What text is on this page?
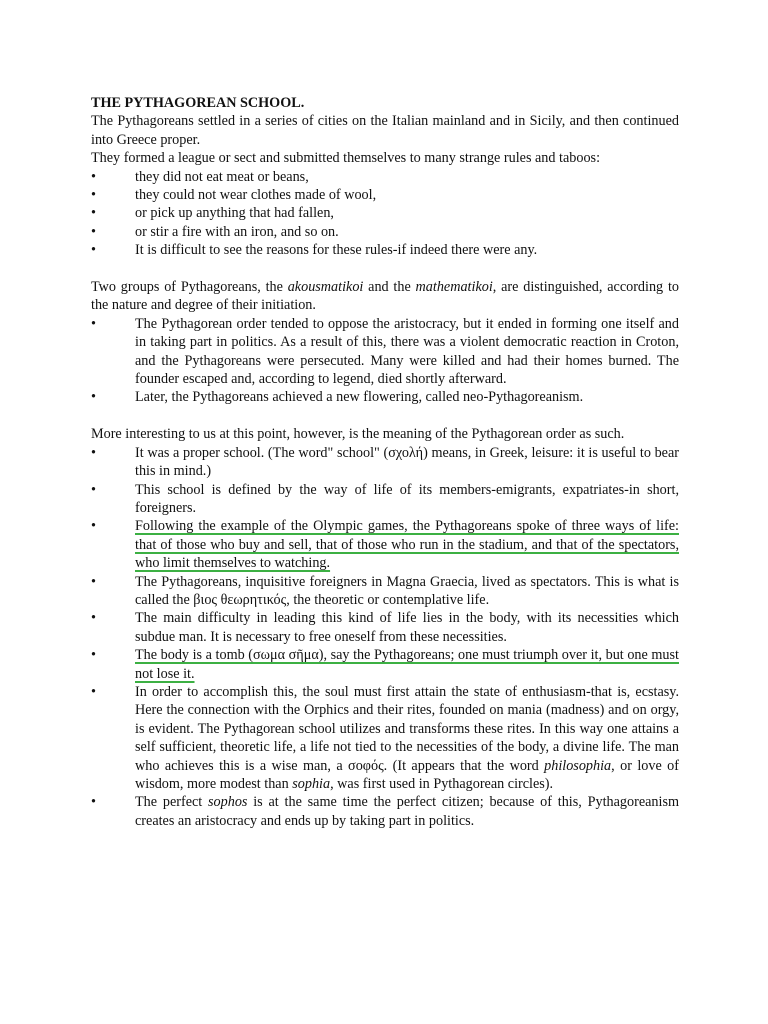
THE PYTHAGOREAN SCHOOL.

The Pythagoreans settled in a series of cities on the Italian mainland and in Sicily, and then continued into Greece proper.

They formed a league or sect and submitted themselves to many strange rules and taboos:

•	they did not eat meat or beans,
•	they could not wear clothes made of wool,
•	or pick up anything that had fallen,
•	or stir a fire with an iron, and so on.
•	It is difficult to see the reasons for these rules-if indeed there were any.

Two groups of Pythagoreans, the akousmatikoi and the mathematikoi, are distinguished, according to the nature and degree of their initiation.

•	The Pythagorean order tended to oppose the aristocracy, but it ended in forming one itself and in taking part in politics. As a result of this, there was a violent democratic reaction in Croton, and the Pythagoreans were persecuted. Many were killed and had their homes burned. The founder escaped and, according to legend, died shortly afterward.
•	Later, the Pythagoreans achieved a new flowering, called neo-Pythagoreanism.

More interesting to us at this point, however, is the meaning of the Pythagorean order as such.

•	It was a proper school. (The word" school" (σχολή) means, in Greek, leisure: it is useful to bear this in mind.)
•	This school is defined by the way of life of its members-emigrants, expatriates-in short, foreigners.
•	Following the example of the Olympic games, the Pythagoreans spoke of three ways of life: that of those who buy and sell, that of those who run in the stadium, and that of the spectators, who limit themselves to watching.
•	The Pythagoreans, inquisitive foreigners in Magna Graecia, lived as spectators. This is what is called the βιος θεωρητικός, the theoretic or contemplative life.
•	The main difficulty in leading this kind of life lies in the body, with its necessities which subdue man. It is necessary to free oneself from these necessities.
•	The body is a tomb (σωμα σῆμα), say the Pythagoreans; one must triumph over it, but one must not lose it.
•	In order to accomplish this, the soul must first attain the state of enthusiasm-that is, ecstasy. Here the connection with the Orphics and their rites, founded on mania (madness) and on orgy, is evident. The Pythagorean school utilizes and transforms these rites. In this way one attains a self sufficient, theoretic life, a life not tied to the necessities of the body, a divine life. The man who achieves this is a wise man, a σοφός. (It appears that the word philosophia, or love of wisdom, more modest than sophia, was first used in Pythagorean circles).
•	The perfect sophos is at the same time the perfect citizen; because of this, Pythagoreanism creates an aristocracy and ends up by taking part in politics.
